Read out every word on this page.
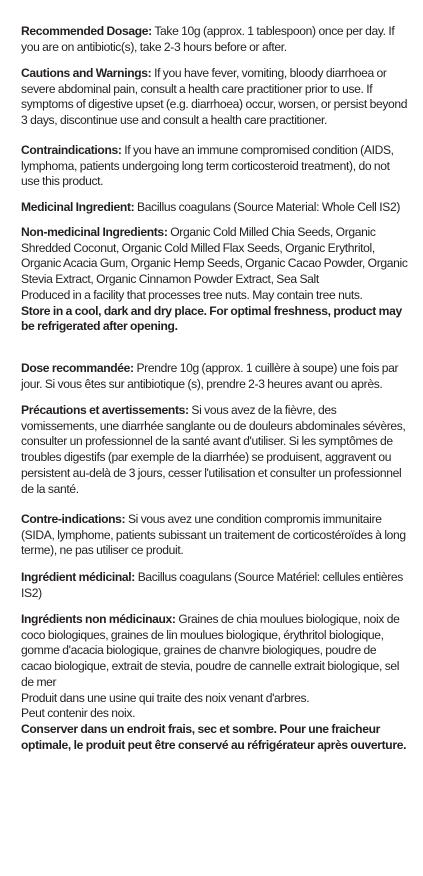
Recommended Dosage: Take 10g (approx. 1 tablespoon) once per day. If you are on antibiotic(s), take 2-3 hours before or after.
Cautions and Warnings: If you have fever, vomiting, bloody diarrhoea or severe abdominal pain, consult a health care practitioner prior to use. If symptoms of digestive upset (e.g. diarrhoea) occur, worsen, or persist beyond 3 days, discontinue use and consult a health care practitioner.
Contraindications: If you have an immune compromised condition (AIDS, lymphoma, patients undergoing long term corticosteroid treatment), do not use this product.
Medicinal Ingredient: Bacillus coagulans (Source Material: Whole Cell IS2)
Non-medicinal Ingredients: Organic Cold Milled Chia Seeds, Organic Shredded Coconut, Organic Cold Milled Flax Seeds, Organic Erythritol, Organic Acacia Gum, Organic Hemp Seeds, Organic Cacao Powder, Organic Stevia Extract, Organic Cinnamon Powder Extract, Sea Salt
Produced in a facility that processes tree nuts. May contain tree nuts.
Store in a cool, dark and dry place. For optimal freshness, product may be refrigerated after opening.
Dose recommandée: Prendre 10g (approx. 1 cuillère à soupe) une fois par jour. Si vous êtes sur antibiotique (s), prendre 2-3 heures avant ou après.
Précautions et avertissements: Si vous avez de la fièvre, des vomissements, une diarrhée sanglante ou de douleurs abdominales sévères, consulter un professionnel de la santé avant d'utiliser. Si les symptômes de troubles digestifs (par exemple de la diarrhée) se produisent, aggravent ou persistent au-delà de 3 jours, cesser l'utilisation et consulter un professionnel de la santé.
Contre-indications: Si vous avez une condition compromis immunitaire (SIDA, lymphome, patients subissant un traitement de corticostéroïdes à long terme), ne pas utiliser ce produit.
Ingrédient médicinal: Bacillus coagulans (Source Matériel: cellules entières IS2)
Ingrédients non médicinaux: Graines de chia moulues biologique, noix de coco biologiques, graines de lin moulues biologique, érythritol biologique, gomme d'acacia biologique, graines de chanvre biologiques, poudre de cacao biologique, extrait de stevia, poudre de cannelle extrait biologique, sel de mer
Produit dans une usine qui traite des noix venant d'arbres.
Peut contenir des noix.
Conserver dans un endroit frais, sec et sombre. Pour une fraicheur optimale, le produit peut être conservé au réfrigérateur après ouverture.
